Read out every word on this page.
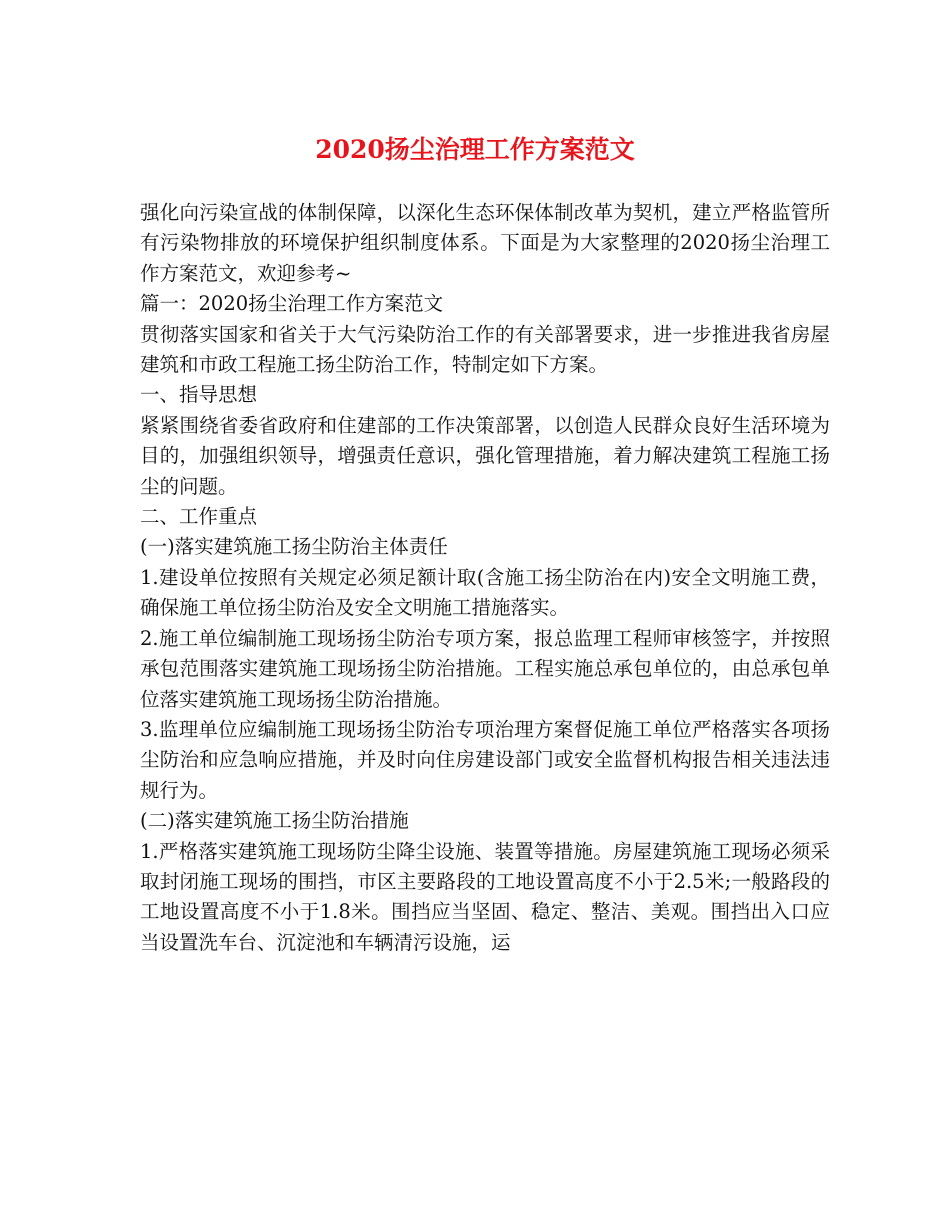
2020扬尘治理工作方案范文

强化向污染宣战的体制保障，以深化生态环保体制改革为契机，建立严格监管所有污染物排放的环境保护组织制度体系。下面是为大家整理的2020扬尘治理工作方案范文，欢迎参考~

篇一：2020扬尘治理工作方案范文

贯彻落实国家和省关于大气污染防治工作的有关部署要求，进一步推进我省房屋建筑和市政工程施工扬尘防治工作，特制定如下方案。

一、指导思想

紧紧围绕省委省政府和住建部的工作决策部署，以创造人民群众良好生活环境为目的，加强组织领导，增强责任意识，强化管理措施，着力解决建筑工程施工扬尘的问题。

二、工作重点

(一)落实建筑施工扬尘防治主体责任

1.建设单位按照有关规定必须足额计取(含施工扬尘防治在内)安全文明施工费，确保施工单位扬尘防治及安全文明施工措施落实。

2.施工单位编制施工现场扬尘防治专项方案，报总监理工程师审核签字，并按照承包范围落实建筑施工现场扬尘防治措施。工程实施总承包单位的，由总承包单位落实建筑施工现场扬尘防治措施。

3.监理单位应编制施工现场扬尘防治专项治理方案督促施工单位严格落实各项扬尘防治和应急响应措施，并及时向住房建设部门或安全监督机构报告相关违法违规行为。

(二)落实建筑施工扬尘防治措施

1.严格落实建筑施工现场防尘降尘设施、装置等措施。房屋建筑施工现场必须采取封闭施工现场的围挡，市区主要路段的工地设置高度不小于2.5米;一般路段的工地设置高度不小于1.8米。围挡应当坚固、稳定、整洁、美观。围挡出入口应当设置洗车台、沉淀池和车辆清污设施，运
